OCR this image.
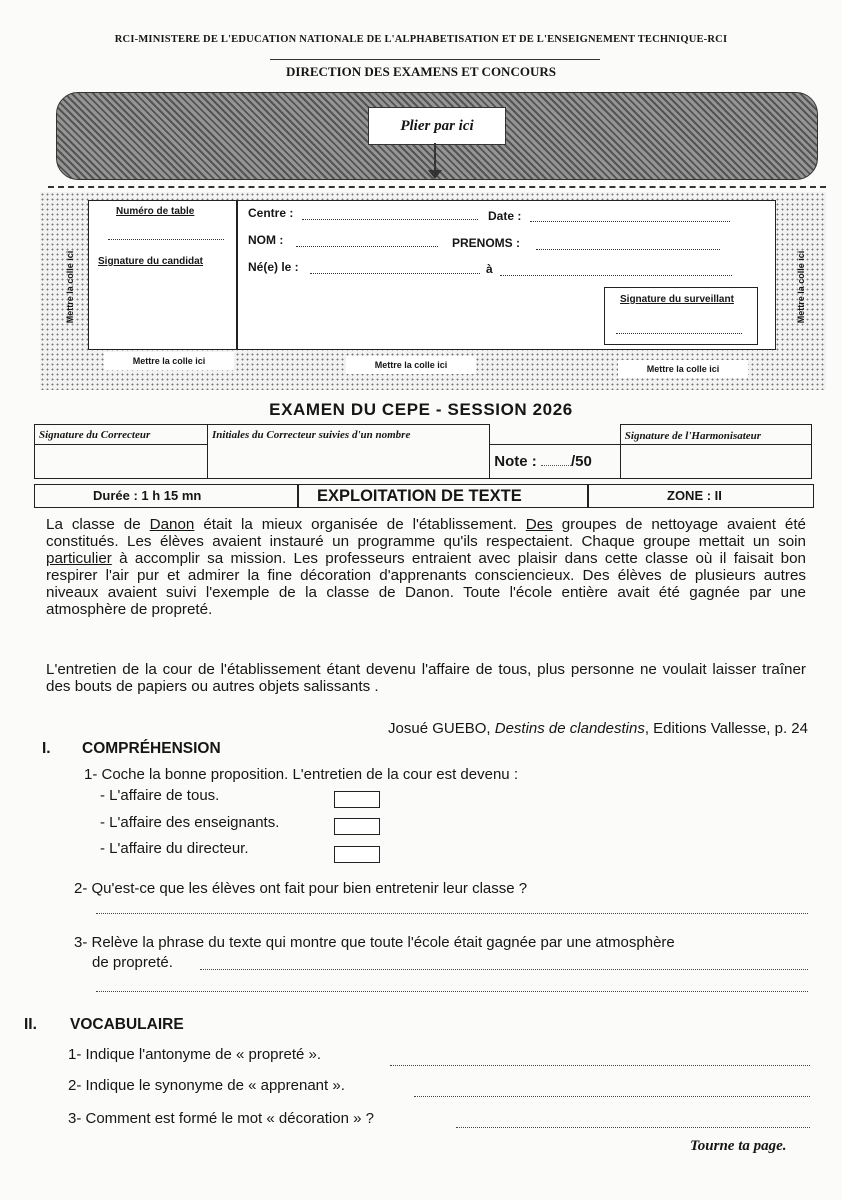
RCI-MINISTERE DE L'EDUCATION NATIONALE DE L'ALPHABETISATION ET DE L'ENSEIGNEMENT TECHNIQUE-RCI
DIRECTION DES EXAMENS ET CONCOURS
Plier par ici
Mettre la colle ici	Mettre la colle ici
Numéro de table
Signature du candidat
Centre :	Date :
NOM :	PRENOMS :
Né(e) le :	à
Signature du surveillant
Mettre la colle ici	Mettre la colle ici	Mettre la colle ici
EXAMEN DU CEPE - SESSION 2026
Signature du Correcteur	Initiales du Correcteur suivies d'un nombre		Signature de l'Harmonisateur
		Note : /50	
Durée : 1 h 15 mn	EXPLOITATION DE TEXTE	ZONE : II
La classe de Danon était la mieux organisée de l'établissement. Des groupes de nettoyage avaient été constitués. Les élèves avaient instauré un programme qu'ils respectaient. Chaque groupe mettait un soin particulier à accomplir sa mission. Les professeurs entraient avec plaisir dans cette classe où il faisait bon respirer l'air pur et admirer la fine décoration d'apprenants consciencieux. Des élèves de plusieurs autres niveaux avaient suivi l'exemple de la classe de Danon. Toute l'école entière avait été gagnée par une atmosphère de propreté.
L'entretien de la cour de l'établissement étant devenu l'affaire de tous, plus personne ne voulait laisser traîner des bouts de papiers ou autres objets salissants .
Josué GUEBO, Destins de clandestins, Editions Vallesse, p. 24
I. COMPRÉHENSION
1- Coche la bonne proposition. L'entretien de la cour est devenu :
- L'affaire de tous.
- L'affaire des enseignants.
- L'affaire du directeur.
2- Qu'est-ce que les élèves ont fait pour bien entretenir leur classe ?
3- Relève la phrase du texte qui montre que toute l'école était gagnée par une atmosphère
de propreté.
II. VOCABULAIRE
1- Indique l'antonyme de « propreté ».
2- Indique le synonyme de « apprenant ».
3- Comment est formé le mot « décoration » ?
Tourne ta page.
